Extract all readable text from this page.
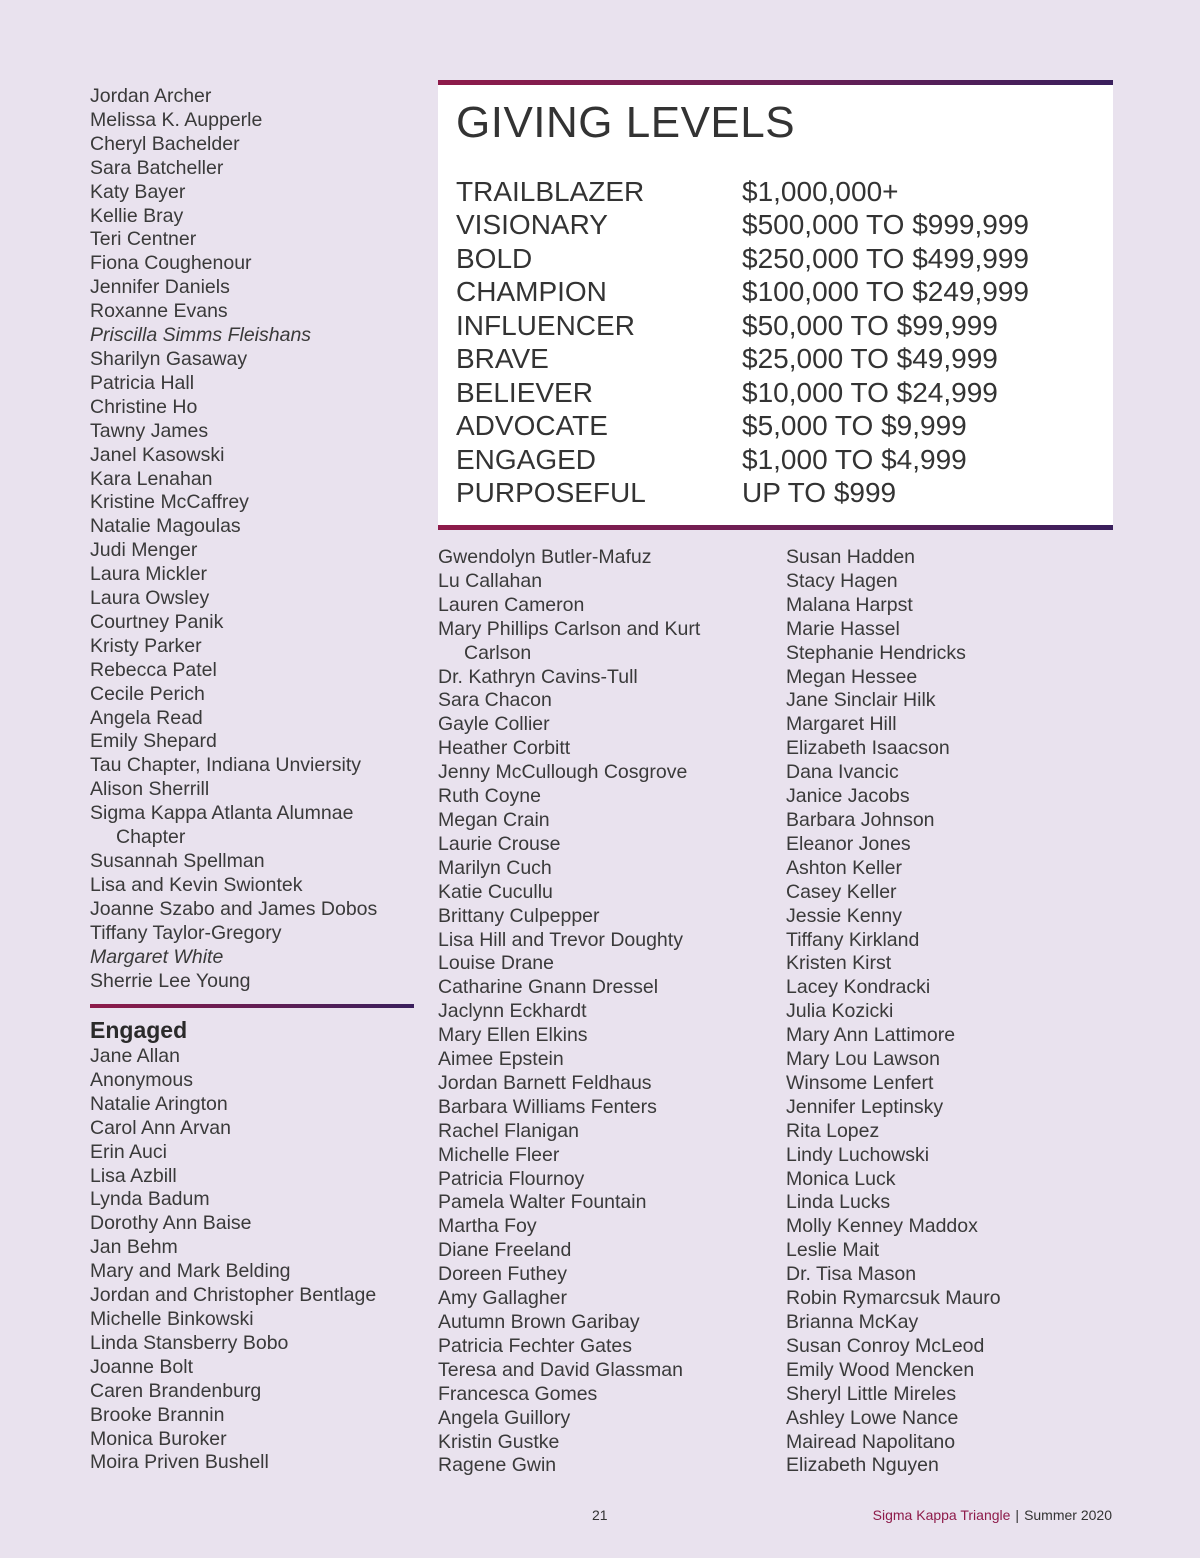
Jordan Archer
Melissa K. Aupperle
Cheryl Bachelder
Sara Batcheller
Katy Bayer
Kellie Bray
Teri Centner
Fiona Coughenour
Jennifer Daniels
Roxanne Evans
Priscilla Simms Fleishans
Sharilyn Gasaway
Patricia Hall
Christine Ho
Tawny James
Janel Kasowski
Kara Lenahan
Kristine McCaffrey
Natalie Magoulas
Judi Menger
Laura Mickler
Laura Owsley
Courtney Panik
Kristy Parker
Rebecca Patel
Cecile Perich
Angela Read
Emily Shepard
Tau Chapter, Indiana Unviersity
Alison Sherrill
Sigma Kappa Atlanta Alumnae
Chapter
Susannah Spellman
Lisa and Kevin Swiontek
Joanne Szabo and James Dobos
Tiffany Taylor-Gregory
Margaret White
Sherrie Lee Young
Engaged
Jane Allan
Anonymous
Natalie Arington
Carol Ann Arvan
Erin Auci
Lisa Azbill
Lynda Badum
Dorothy Ann Baise
Jan Behm
Mary and Mark Belding
Jordan and Christopher Bentlage
Michelle Binkowski
Linda Stansberry Bobo
Joanne Bolt
Caren Brandenburg
Brooke Brannin
Monica Buroker
Moira Priven Bushell
GIVING LEVELS
TRAILBLAZER	$1,000,000+
VISIONARY	$500,000 TO $999,999
BOLD	$250,000 TO $499,999
CHAMPION	$100,000 TO $249,999
INFLUENCER	$50,000 TO $99,999
BRAVE	$25,000 TO $49,999
BELIEVER	$10,000 TO $24,999
ADVOCATE	$5,000 TO $9,999
ENGAGED	$1,000 TO $4,999
PURPOSEFUL	UP TO $999
Gwendolyn Butler-Mafuz
Lu Callahan
Lauren Cameron
Mary Phillips Carlson and Kurt
Carlson
Dr. Kathryn Cavins-Tull
Sara Chacon
Gayle Collier
Heather Corbitt
Jenny McCullough Cosgrove
Ruth Coyne
Megan Crain
Laurie Crouse
Marilyn Cuch
Katie Cucullu
Brittany Culpepper
Lisa Hill and Trevor Doughty
Louise Drane
Catharine Gnann Dressel
Jaclynn Eckhardt
Mary Ellen Elkins
Aimee Epstein
Jordan Barnett Feldhaus
Barbara Williams Fenters
Rachel Flanigan
Michelle Fleer
Patricia Flournoy
Pamela Walter Fountain
Martha Foy
Diane Freeland
Doreen Futhey
Amy Gallagher
Autumn Brown Garibay
Patricia Fechter Gates
Teresa and David Glassman
Francesca Gomes
Angela Guillory
Kristin Gustke
Ragene Gwin
Susan Hadden
Stacy Hagen
Malana Harpst
Marie Hassel
Stephanie Hendricks
Megan Hessee
Jane Sinclair Hilk
Margaret Hill
Elizabeth Isaacson
Dana Ivancic
Janice Jacobs
Barbara Johnson
Eleanor Jones
Ashton Keller
Casey Keller
Jessie Kenny
Tiffany Kirkland
Kristen Kirst
Lacey Kondracki
Julia Kozicki
Mary Ann Lattimore
Mary Lou Lawson
Winsome Lenfert
Jennifer Leptinsky
Rita Lopez
Lindy Luchowski
Monica Luck
Linda Lucks
Molly Kenney Maddox
Leslie Mait
Dr. Tisa Mason
Robin Rymarcsuk Mauro
Brianna McKay
Susan Conroy McLeod
Emily Wood Mencken
Sheryl Little Mireles
Ashley Lowe Nance
Mairead Napolitano
Elizabeth Nguyen
21	Sigma Kappa Triangle | Summer 2020
